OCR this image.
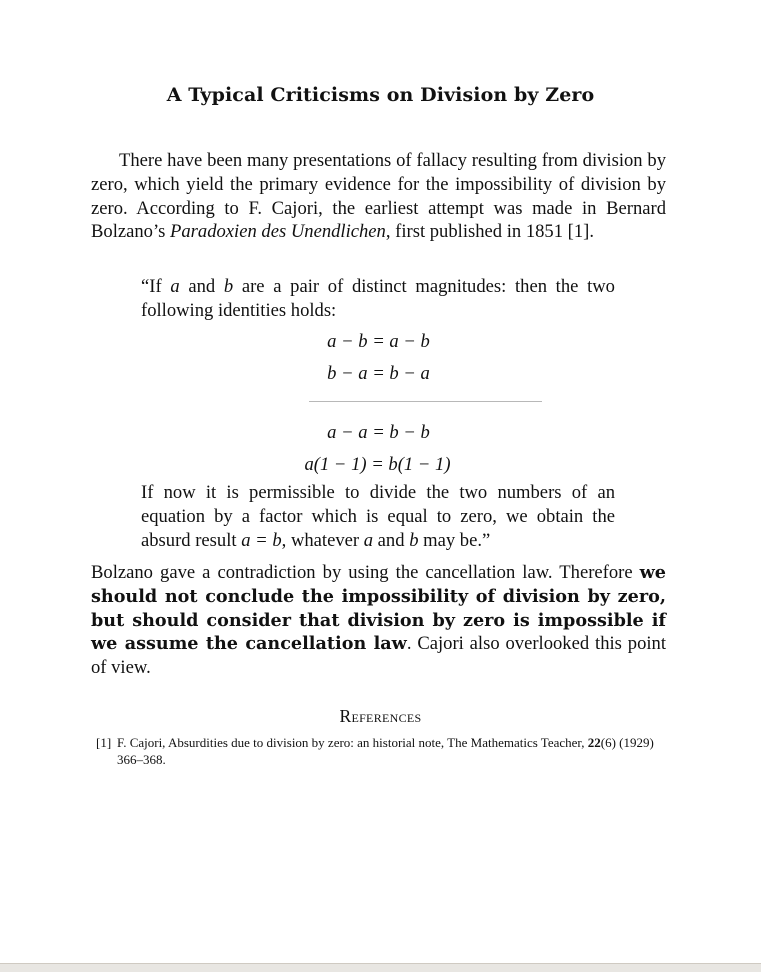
A Typical Criticisms on Division by Zero
There have been many presentations of fallacy resulting from division by zero, which yield the primary evidence for the impossibility of division by zero. According to F. Cajori, the earliest attempt was made in Bernard Bolzano’s Paradoxien des Unendlichen, first published in 1851 [1].
“If a and b are a pair of distinct magnitudes: then the two following identities holds:
a − b = a − b
b − a = b − a
a − a = b − b
a(1 − 1) = b(1 − 1)
If now it is permissible to divide the two numbers of an equation by a factor which is equal to zero, we obtain the absurd result a = b, whatever a and b may be.”
Bolzano gave a contradiction by using the cancellation law. Therefore we should not conclude the impossibility of division by zero, but should consider that division by zero is impossible if we assume the cancellation law. Cajori also overlooked this point of view.
References
[1] F. Cajori, Absurdities due to division by zero: an historial note, The Mathematics Teacher, 22(6) (1929) 366–368.
